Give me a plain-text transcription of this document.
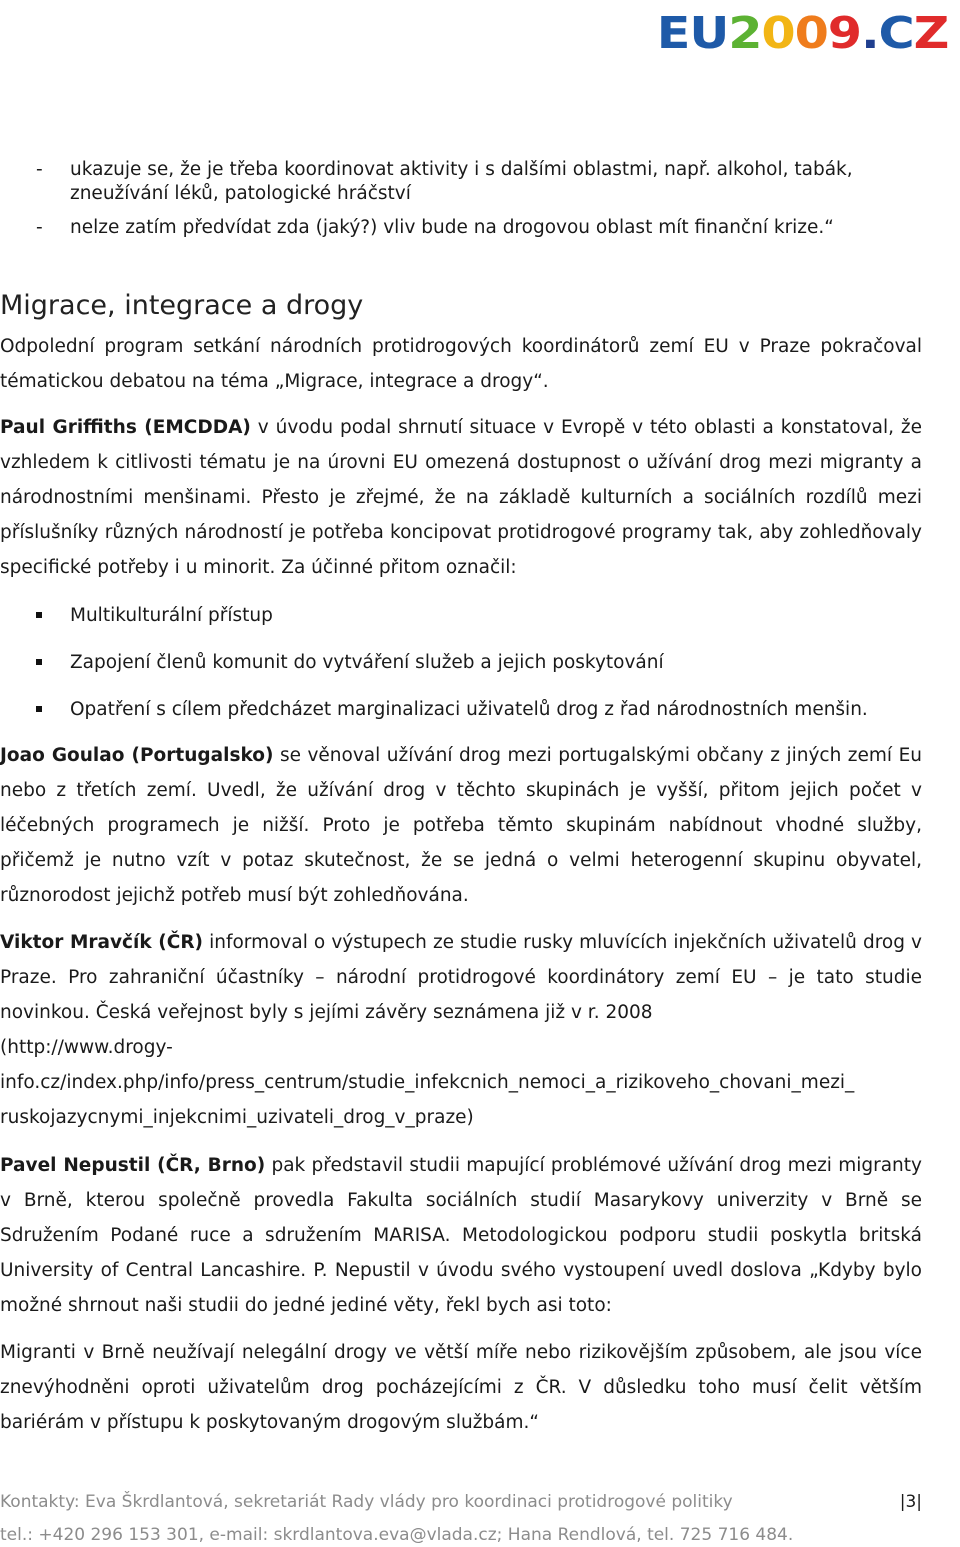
EU2009.CZ
- ukazuje se, že je třeba koordinovat aktivity i s dalšími oblastmi, např. alkohol, tabák, zneužívání léků, patologické hráčství
- nelze zatím předvídat zda (jaký?) vliv bude na drogovou oblast mít finanční krize.“
Migrace, integrace a drogy

Odpolední program setkání národních protidrogových koordinátorů zemí EU v Praze pokračoval tématickou debatou na téma „Migrace, integrace a drogy“.

Paul Griffiths (EMCDDA) v úvodu podal shrnutí situace v Evropě v této oblasti a konstatoval, že vzhledem k citlivosti tématu je na úrovni EU omezená dostupnost o užívání drog mezi migranty a národnostními menšinami. Přesto je zřejmé, že na základě kulturních a sociálních rozdílů mezi příslušníky různých národností je potřeba koncipovat protidrogové programy tak, aby zohledňovaly specifické potřeby i u minorit. Za účinné přitom označil:

Multikulturální přístup
Zapojení členů komunit do vytváření služeb a jejich poskytování
Opatření s cílem předcházet marginalizaci uživatelů drog z řad národnostních menšin.

Joao Goulao (Portugalsko) se věnoval užívání drog mezi portugalskými občany z jiných zemí Eu nebo z třetích zemí. Uvedl, že užívání drog v těchto skupinách je vyšší, přitom jejich počet v léčebných programech je nižší. Proto je potřeba těmto skupinám nabídnout vhodné služby, přičemž je nutno vzít v potaz skutečnost, že se jedná o velmi heterogenní skupinu obyvatel, různorodost jejichž potřeb musí být zohledňována.

Viktor Mravčík (ČR) informoval o výstupech ze studie rusky mluvících injekčních uživatelů drog v Praze. Pro zahraniční účastníky – národní protidrogové koordinátory zemí EU – je tato studie novinkou. Česká veřejnost byly s jejími závěry seznámena již v r. 2008

(http://www.drogy-
info.cz/index.php/info/press_centrum/studie_infekcnich_nemoci_a_rizikoveho_chovani_mezi_
ruskojazycnymi_injekcnimi_uzivateli_drog_v_praze)

Pavel Nepustil (ČR, Brno) pak představil studii mapující problémové užívání drog mezi migranty v Brně, kterou společně provedla Fakulta sociálních studií Masarykovy univerzity v Brně se Sdružením Podané ruce a sdružením MARISA. Metodologickou podporu studii poskytla britská University of Central Lancashire. P. Nepustil v úvodu svého vystoupení uvedl doslova „Kdyby bylo možné shrnout naši studii do jedné jediné věty, řekl bych asi toto:

Migranti v Brně neužívají nelegální drogy ve větší míře nebo rizikovějším způsobem, ale jsou více znevýhodněni oproti uživatelům drog pocházejícími z ČR. V důsledku toho musí čelit větším bariérám v přístupu k poskytovaným drogovým službám.“

Kontakty: Eva Škrdlantová, sekretariát Rady vlády pro koordinaci protidrogové politiky	|3|
tel.: +420 296 153 301, e-mail: skrdlantova.eva@vlada.cz; Hana Rendlová, tel. 725 716 484.
